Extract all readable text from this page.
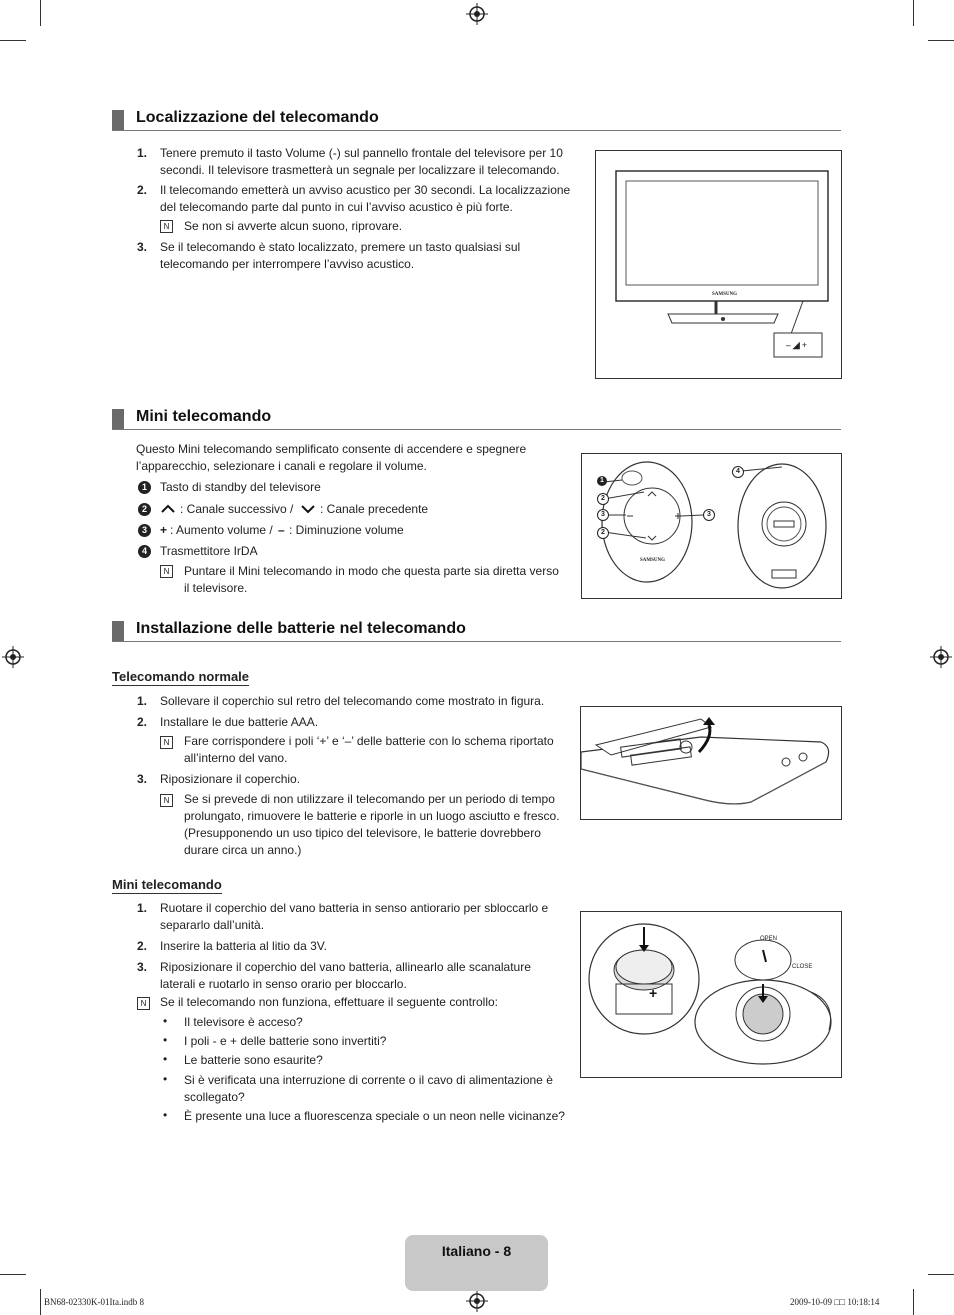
Localizzazione del telecomando
1. Tenere premuto il tasto Volume (-) sul pannello frontale del televisore per 10
secondi. Il televisore trasmetterà un segnale per localizzare il telecomando.
2. Il telecomando emetterà un avviso acustico per 30 secondi. La localizzazione
del telecomando parte dal punto in cui l’avviso acustico è più forte.
N	Se non si avverte alcun suono, riprovare.
3. Se il telecomando è stato localizzato, premere un tasto qualsiasi sul
telecomando per interrompere l’avviso acustico.
SAMSUNG
– ◢ +
Mini telecomando
Questo Mini telecomando semplificato consente di accendere e spegnere
l’apparecchio, selezionare i canali e regolare il volume.
1	Tasto di standby del televisore
2	: Canale successivo / : Canale precedente
3	+ : Aumento volume / – : Diminuzione volume
4	Trasmettitore IrDA
N	Puntare il Mini telecomando in modo che questa parte sia diretta verso
il televisore.
1
2
3
2
3
4
SAMSUNG
Installazione delle batterie nel telecomando
Telecomando normale
1. Sollevare il coperchio sul retro del telecomando come mostrato in figura.
2. Installare le due batterie AAA.
N	Fare corrispondere i poli ‘+’ e ‘–’ delle batterie con lo schema riportato
all’interno del vano.
3. Riposizionare il coperchio.
N	Se si prevede di non utilizzare il telecomando per un periodo di tempo
prolungato, rimuovere le batterie e riporle in un luogo asciutto e fresco.
(Presupponendo un uso tipico del televisore, le batterie dovrebbero
durare circa un anno.)
Mini telecomando
1. Ruotare il coperchio del vano batteria in senso antiorario per sbloccarlo e
separarlo dall’unità.
2. Inserire la batteria al litio da 3V.
3. Riposizionare il coperchio del vano batteria, allinearlo alle scanalature
laterali e ruotarlo in senso orario per bloccarlo.
N	Se il telecomando non funziona, effettuare il seguente controllo:
• Il televisore è acceso?
• I poli - e + delle batterie sono invertiti?
• Le batterie sono esaurite?
• Si è verificata una interruzione di corrente o il cavo di alimentazione è
scollegato?
• È presente una luce a fluorescenza speciale o un neon nelle vicinanze?
+
OPEN
CLOSE
Italiano - 8
BN68-02330K-01Ita.indb 8	2009-10-09 □□ 10:18:14
